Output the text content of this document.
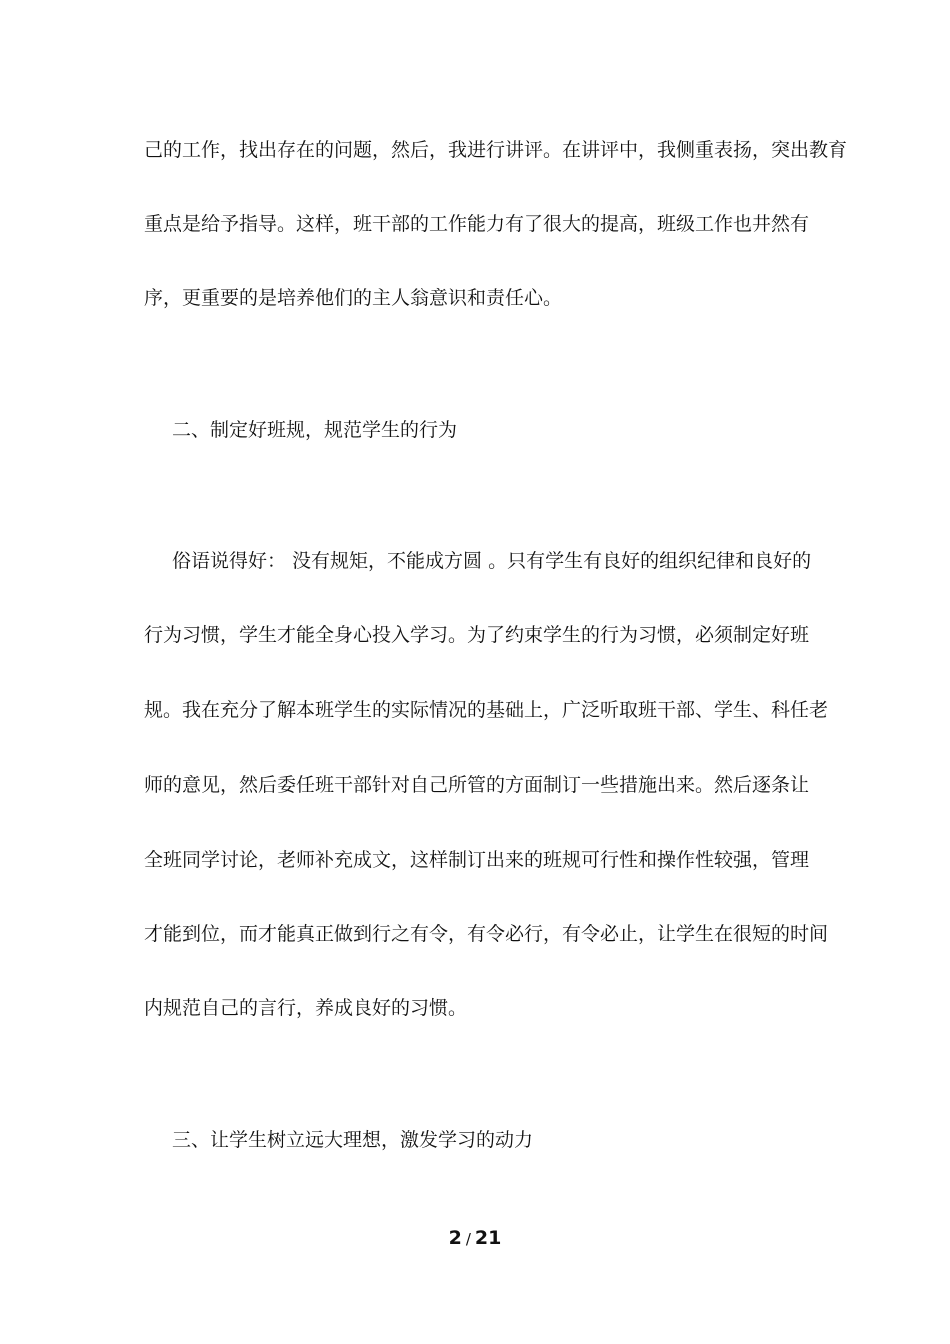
己的工作，找出存在的问题，然后，我进行讲评。在讲评中，我侧重表扬，突出教育

重点是给予指导。这样，班干部的工作能力有了很大的提高，班级工作也井然有

序，更重要的是培养他们的主人翁意识和责任心。

二、制定好班规，规范学生的行为

俗语说得好： 没有规矩，不能成方圆 。只有学生有良好的组织纪律和良好的

行为习惯，学生才能全身心投入学习。为了约束学生的行为习惯，必须制定好班

规。我在充分了解本班学生的实际情况的基础上，广泛听取班干部、学生、科任老

师的意见，然后委任班干部针对自己所管的方面制订一些措施出来。然后逐条让

全班同学讨论，老师补充成文，这样制订出来的班规可行性和操作性较强，管理

才能到位，而才能真正做到行之有令，有令必行，有令必止，让学生在很短的时间

内规范自己的言行，养成良好的习惯。

三、让学生树立远大理想，激发学习的动力

2 / 21
